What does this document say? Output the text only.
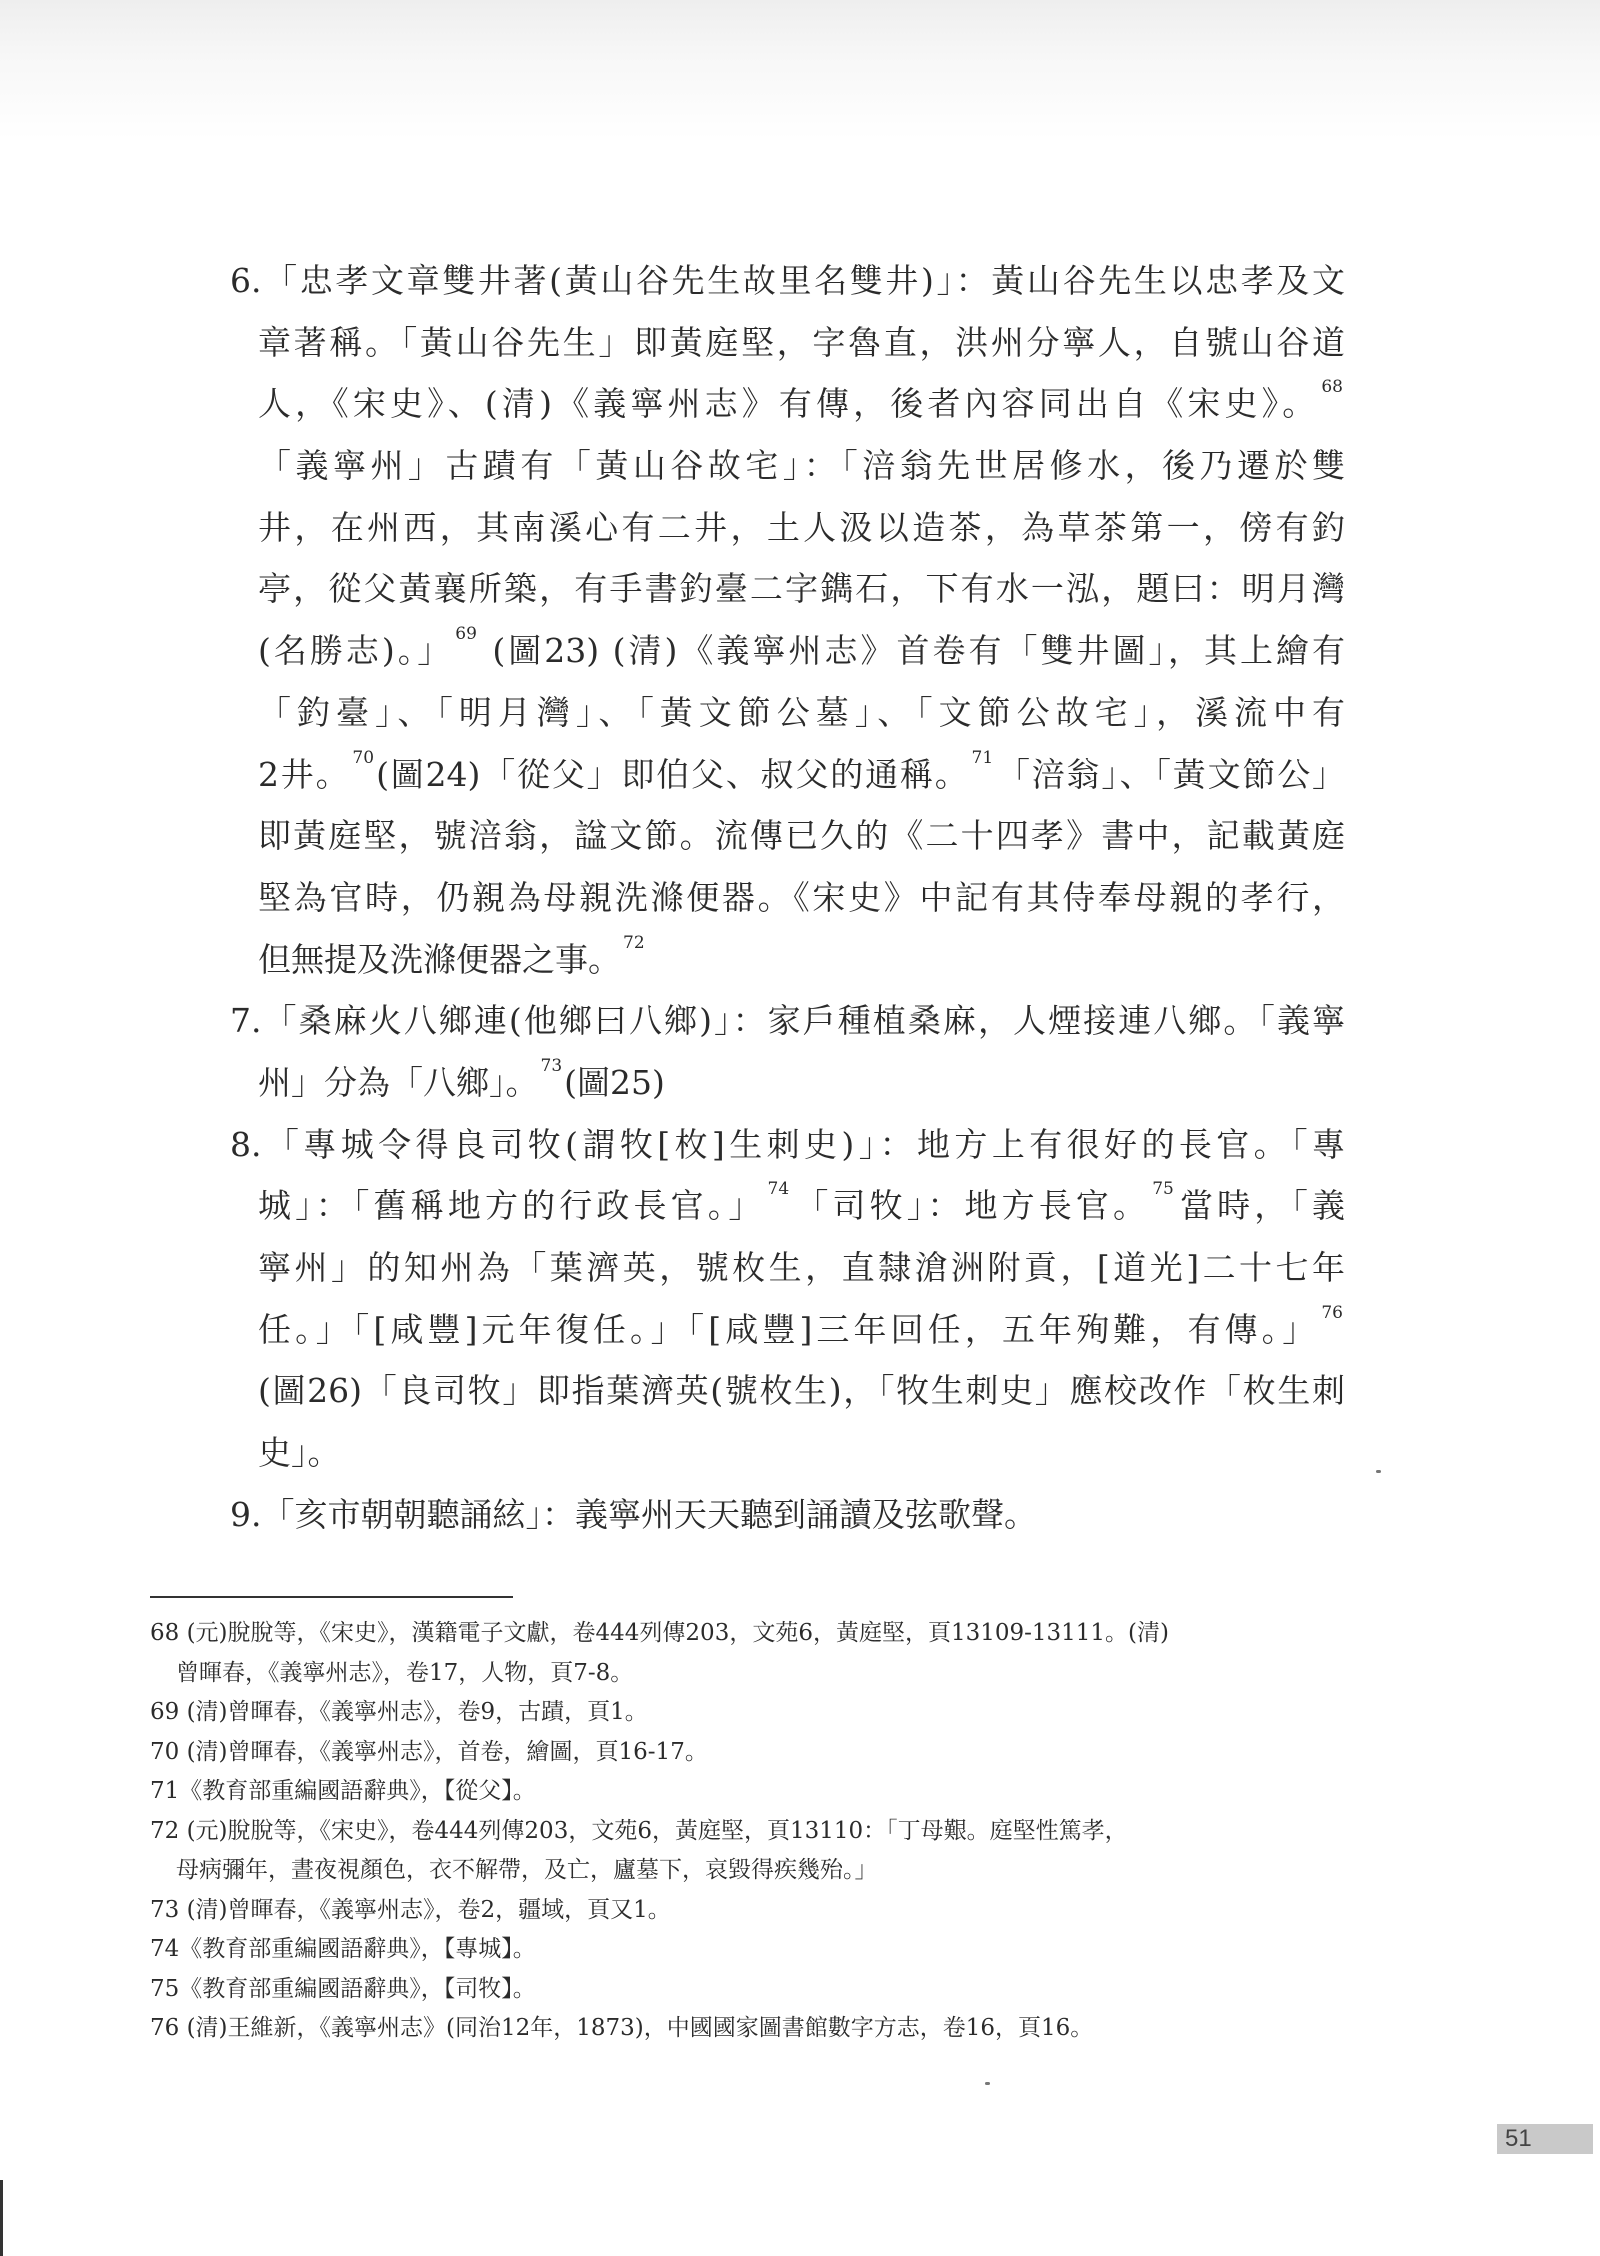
6.「忠孝文章雙井著(黃山谷先生故里名雙井)」：黃山谷先生以忠孝及文
章著稱。「黃山谷先生」即黃庭堅，字魯直，洪州分寧人，自號山谷道
人，《宋史》、(清)《義寧州志》有傳，後者內容同出自《宋史》。 $^{68}$
「義寧州」古蹟有「黃山谷故宅」：「涪翁先世居修水，後乃遷於雙
井，在州西，其南溪心有二井，土人汲以造茶，為草茶第一，傍有釣
亭，從父黃襄所築，有手書釣臺二字鐫石，下有水一泓，題曰：明月灣
(名勝志)。」 $^{69}$ (圖23) (清)《義寧州志》首卷有「雙井圖」，其上繪有
「釣臺」、「明月灣」、「黃文節公墓」、「文節公故宅」，溪流中有
2井。 $^{70}$(圖24)「從父」即伯父、叔父的通稱。 $^{71}$「涪翁」、「黃文節公」
即黃庭堅，號涪翁，諡文節。流傳已久的《二十四孝》書中，記載黃庭
堅為官時，仍親為母親洗滌便器。《宋史》中記有其侍奉母親的孝行，
但無提及洗滌便器之事。 $^{72}$
7.「桑麻火八鄉連(他鄉曰八鄉)」：家戶種植桑麻，人煙接連八鄉。「義寧
州」分為「八鄉」。 $^{73}$(圖25)
8.「專城令得良司牧(謂牧[枚]生刺史)」：地方上有很好的長官。「專
城」：「舊稱地方的行政長官。」 $^{74}$「司牧」：地方長官。 $^{75}$當時，「義
寧州」的知州為「葉濟英，號枚生，直隸滄洲附貢，[道光]二十七年
任。」「[咸豐]元年復任。」「[咸豐]三年回任，五年殉難，有傳。」 $^{76}$
(圖26)「良司牧」即指葉濟英(號枚生)，「牧生刺史」應校改作「枚生刺
史」。
9.「亥市朝朝聽誦絃」：義寧州天天聽到誦讀及弦歌聲。
68 (元)脫脫等，《宋史》，漢籍電子文獻，卷444列傳203，文苑6，黃庭堅，頁13109-13111。(清)
曾暉春，《義寧州志》，卷17，人物，頁7-8。
69 (清)曾暉春，《義寧州志》，卷9，古蹟，頁1。
70 (清)曾暉春，《義寧州志》，首卷，繪圖，頁16-17。
71《教育部重編國語辭典》，【從父】。
72 (元)脫脫等，《宋史》，卷444列傳203，文苑6，黃庭堅，頁13110：「丁母艱。庭堅性篤孝，
母病彌年，晝夜視顏色，衣不解帶，及亡，廬墓下，哀毀得疾幾殆。」
73 (清)曾暉春，《義寧州志》，卷2，疆域，頁又1。
74《教育部重編國語辭典》，【專城】。
75《教育部重編國語辭典》，【司牧】。
76 (清)王維新，《義寧州志》(同治12年，1873)，中國國家圖書館數字方志，卷16，頁16。
51
